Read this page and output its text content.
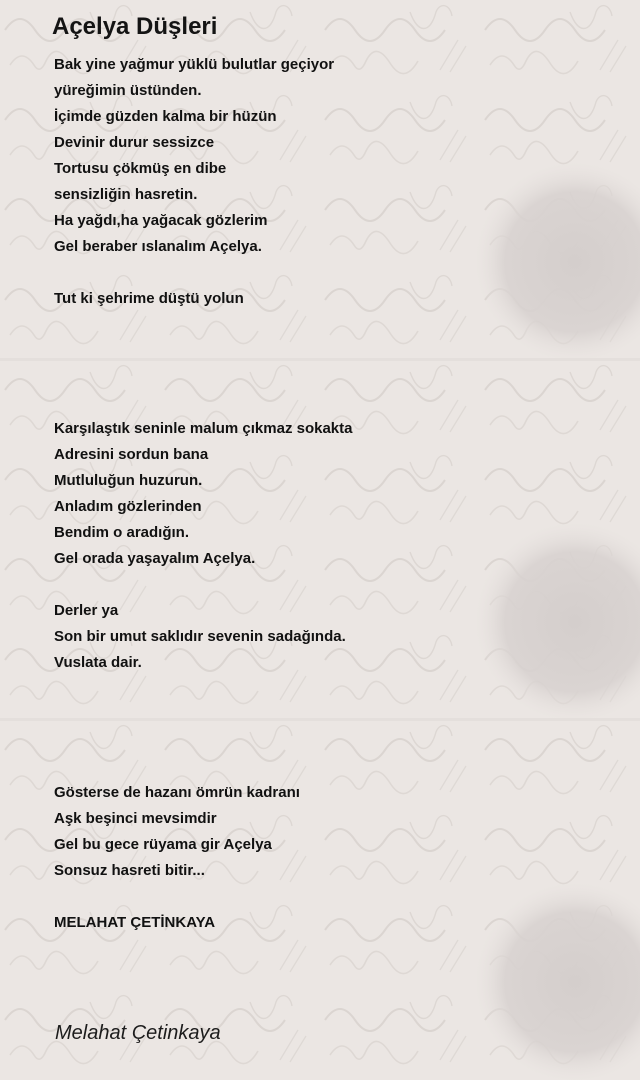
Açelya Düşleri
Bak yine yağmur yüklü bulutlar geçiyor
yüreğimin üstünden.
İçimde güzden kalma bir hüzün
Devinir durur sessizce
Tortusu çökmüş en dibe
sensizliğin hasretin.
Ha yağdı,ha yağacak gözlerim
Gel beraber ıslanalım Açelya.
Tut ki şehrime düştü yolun
Karşılaştık seninle malum çıkmaz sokakta
Adresini sordun bana
Mutluluğun huzurun.
Anladım gözlerinden
Bendim o aradığın.
Gel orada yaşayalım Açelya.
Derler ya
Son bir umut saklıdır sevenin sadağında.
Vuslata dair.
Gösterse de hazanı ömrün kadranı
Aşk beşinci mevsimdir
Gel bu gece rüyama gir Açelya
Sonsuz hasreti bitir...
MELAHAT ÇETİNKAYA
Melahat Çetinkaya
